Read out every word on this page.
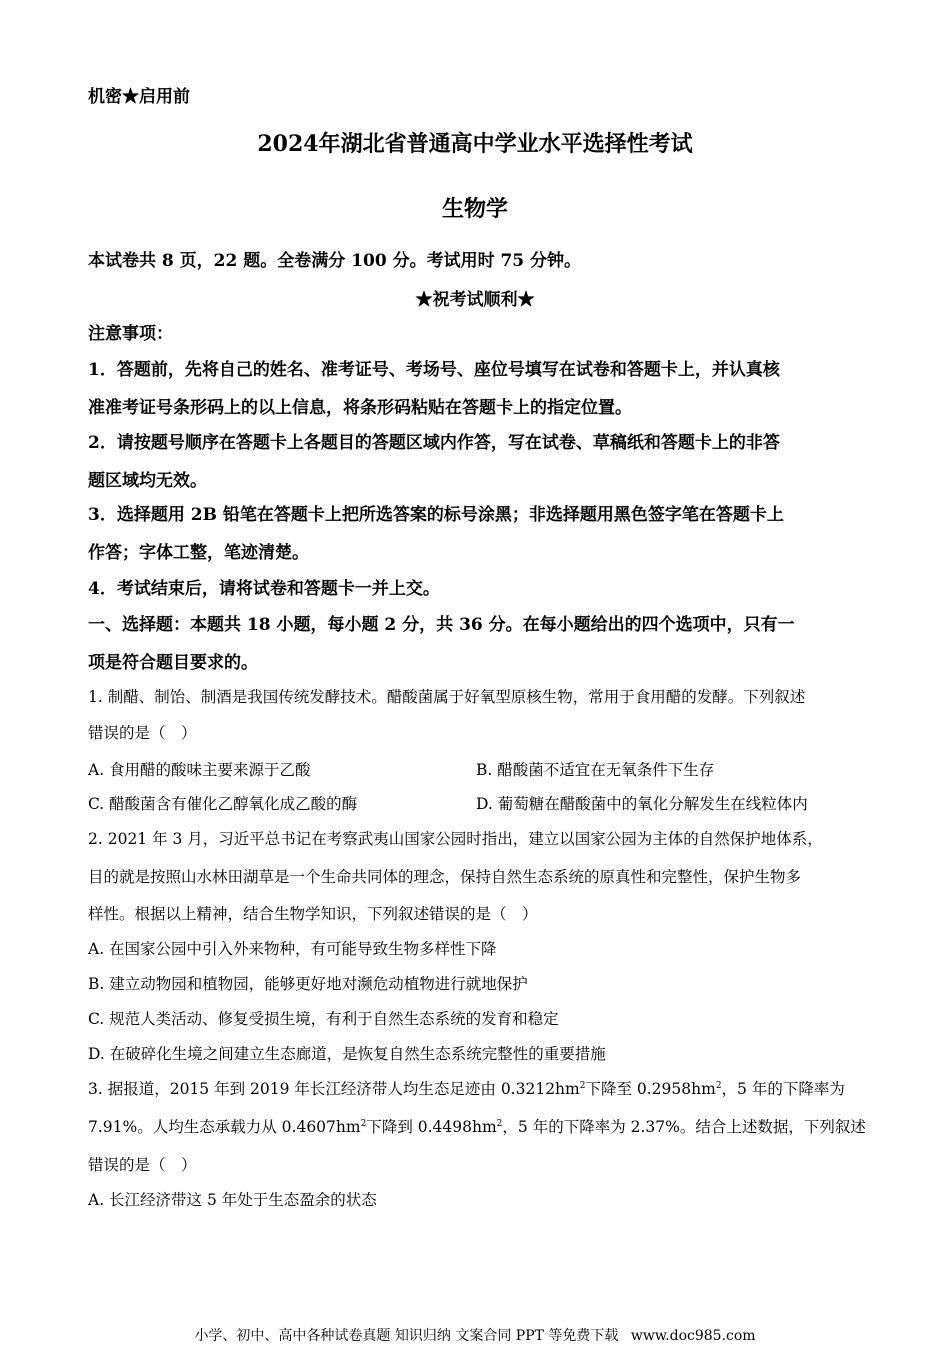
机密★启用前
2024年湖北省普通高中学业水平选择性考试
生物学
本试卷共 8 页，22 题。全卷满分 100 分。考试用时 75 分钟。
★祝考试顺利★
注意事项：
1．答题前，先将自己的姓名、准考证号、考场号、座位号填写在试卷和答题卡上，并认真核
准准考证号条形码上的以上信息，将条形码粘贴在答题卡上的指定位置。
2．请按题号顺序在答题卡上各题目的答题区域内作答，写在试卷、草稿纸和答题卡上的非答
题区域均无效。
3．选择题用 2B 铅笔在答题卡上把所选答案的标号涂黑；非选择题用黑色签字笔在答题卡上
作答；字体工整，笔迹清楚。
4．考试结束后，请将试卷和答题卡一并上交。
一、选择题：本题共 18 小题，每小题 2 分，共 36 分。在每小题给出的四个选项中，只有一
项是符合题目要求的。
1. 制醋、制饴、制酒是我国传统发酵技术。醋酸菌属于好氧型原核生物，常用于食用醋的发酵。下列叙述
错误的是（　）
A. 食用醋的酸味主要来源于乙酸	B. 醋酸菌不适宜在无氧条件下生存
C. 醋酸菌含有催化乙醇氧化成乙酸的酶	D. 葡萄糖在醋酸菌中的氧化分解发生在线粒体内
2. 2021 年 3 月，习近平总书记在考察武夷山国家公园时指出，建立以国家公园为主体的自然保护地体系，
目的就是按照山水林田湖草是一个生命共同体的理念，保持自然生态系统的原真性和完整性，保护生物多
样性。根据以上精神，结合生物学知识，下列叙述错误的是（　）
A. 在国家公园中引入外来物种，有可能导致生物多样性下降
B. 建立动物园和植物园，能够更好地对濒危动植物进行就地保护
C. 规范人类活动、修复受损生境，有利于自然生态系统的发育和稳定
D. 在破碎化生境之间建立生态廊道，是恢复自然生态系统完整性的重要措施
3. 据报道，2015 年到 2019 年长江经济带人均生态足迹由 $0.3212hm^2$下降至 $0.2958hm^2$，5 年的下降率为
7.91%。人均生态承载力从 $0.4607hm^2$下降到 $0.4498hm^2$，5 年的下降率为 2.37%。结合上述数据，下列叙述
错误的是（　）
A. 长江经济带这 5 年处于生态盈余的状态
小学、初中、高中各种试卷真题 知识归纳 文案合同 PPT 等免费下载 www.doc985.com
